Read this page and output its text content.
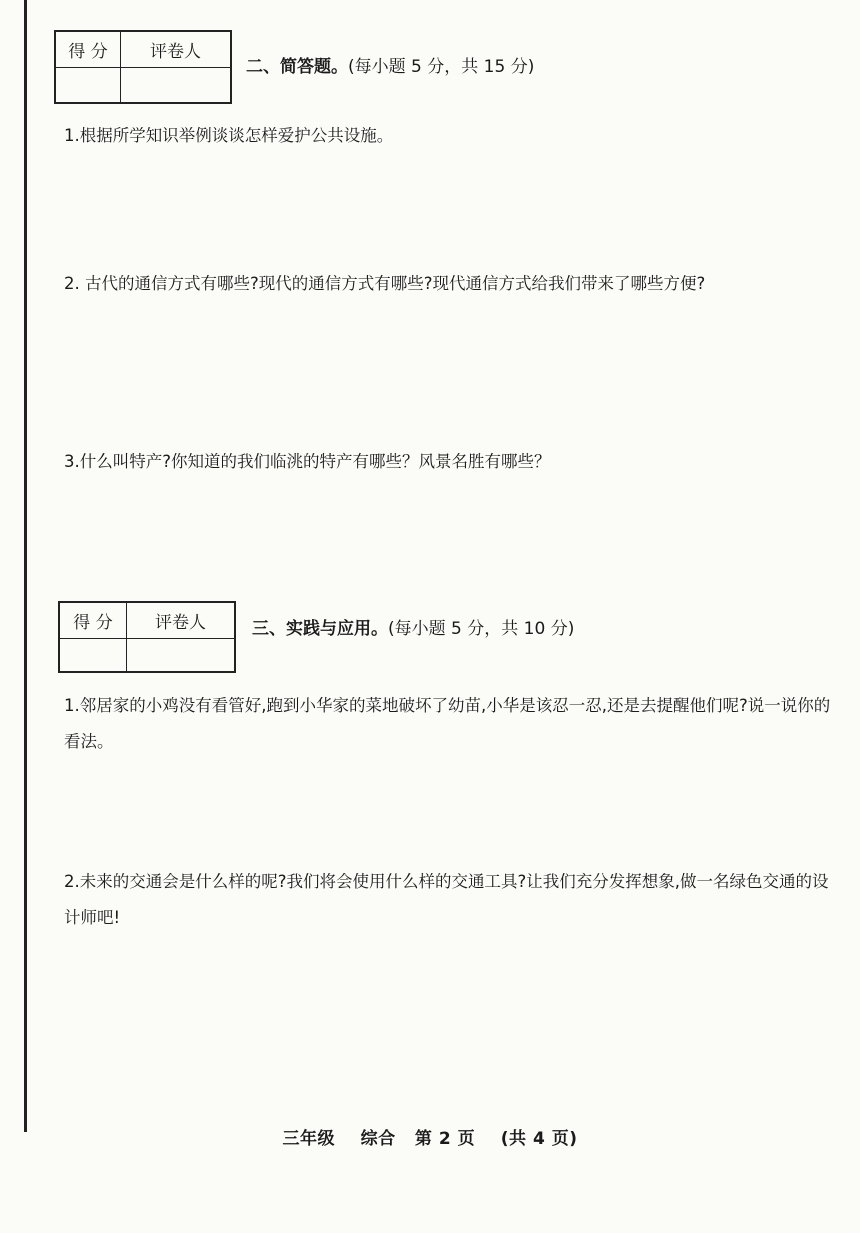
得 分	评卷人

二、简答题。(每小题 5 分，共 15 分)
1.根据所学知识举例谈谈怎样爱护公共设施。
2. 古代的通信方式有哪些?现代的通信方式有哪些?现代通信方式给我们带来了哪些方便?
3.什么叫特产?你知道的我们临洮的特产有哪些？风景名胜有哪些？
得 分	评卷人
		三、实践与应用。(每小题 5 分，共 10 分)
1.邻居家的小鸡没有看管好,跑到小华家的菜地破坏了幼苗,小华是该忍一忍,还是去提醒他们呢?说一说你的看法。
2.未来的交通会是什么样的呢?我们将会使用什么样的交通工具?让我们充分发挥想象,做一名绿色交通的设计师吧!
三年级    综合   第 2 页    (共 4 页)
